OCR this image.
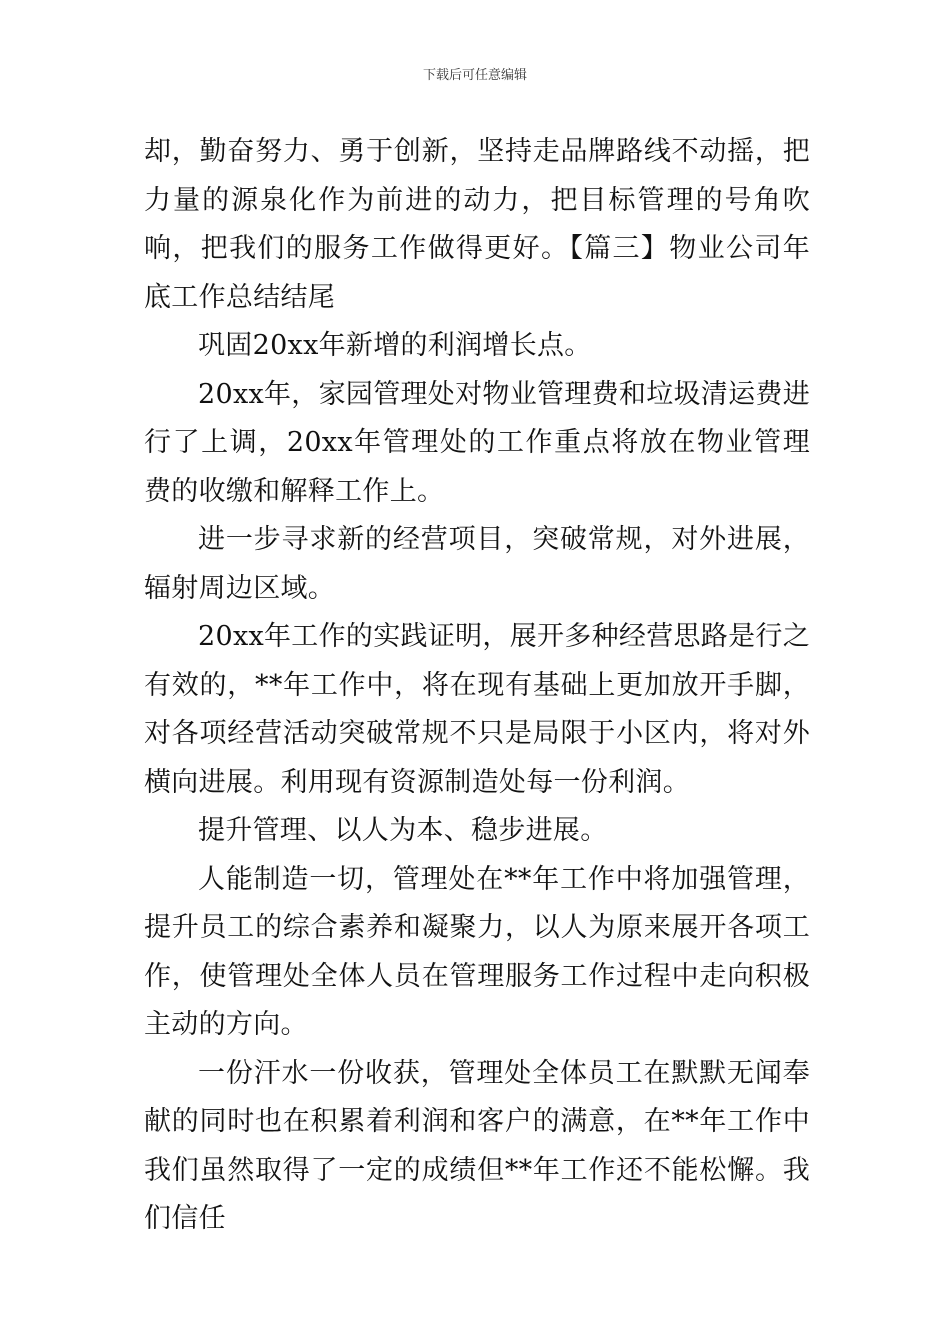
下载后可任意编辑

却，勤奋努力、勇于创新，坚持走品牌路线不动摇，把力量的源泉化作为前进的动力，把目标管理的号角吹响，把我们的服务工作做得更好。【篇三】物业公司年底工作总结结尾

巩固20xx年新增的利润增长点。

20xx年，家园管理处对物业管理费和垃圾清运费进行了上调，20xx年管理处的工作重点将放在物业管理费的收缴和解释工作上。

进一步寻求新的经营项目，突破常规，对外进展，辐射周边区域。

20xx年工作的实践证明，展开多种经营思路是行之有效的，**年工作中，将在现有基础上更加放开手脚，对各项经营活动突破常规不只是局限于小区内，将对外横向进展。利用现有资源制造处每一份利润。

提升管理、以人为本、稳步进展。

人能制造一切，管理处在**年工作中将加强管理，提升员工的综合素养和凝聚力，以人为原来展开各项工作，使管理处全体人员在管理服务工作过程中走向积极主动的方向。

一份汗水一份收获，管理处全体员工在默默无闻奉献的同时也在积累着利润和客户的满意，在**年工作中我们虽然取得了一定的成绩但**年工作还不能松懈。我们信任
